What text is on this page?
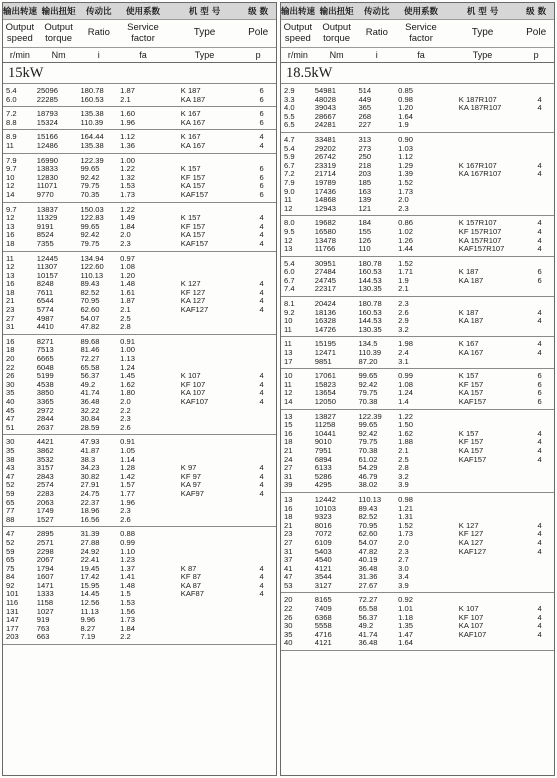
输出转速 输出扭矩	传动比	使用系数	机 型 号	级 数
Output speed
Output torque	Ratio	Service factor	Type	Pole
r/min	Nm	i	fa	Type	p
15kW
5.4	25096	180.78	1.87	K 187	6
6.0	22285	160.53	2.1	KA 187	6
7.2	18793	135.38	1.60	K 167	6
8.8	15324	110.39	1.96	KA 167	6
8.9	15166	164.44	1.12	K 167	4
11	12486	135.38	1.36	KA 167	4
7.9	16990	122.39	1.00
9.7	13833	99.65	1.22	K 157	6
10	12830	92.42	1.32	KF 157	6
12	11071	79.75	1.53	KA 157	6
14	9770	70.35	1.73	KAF157	6
9.7	13837	150.03	1.22
12	11329	122.83	1.49	K 157	4
13	9191	99.65	1.84	KF 157	4
16	8524	92.42	2.0	KA 157	4
18	7355	79.75	2.3	KAF157	4
11	12445	134.94	0.97
12	11307	122.60	1.08
13	10157	110.13	1.20
16	8248	89.43	1.48	K 127	4
18	7611	82.52	1.61	KF 127	4
21	6544	70.95	1.87	KA 127	4
23	5774	62.60	2.1	KAF127	4
27	4987	54.07	2.5
31	4410	47.82	2.8
16	8271	89.68	0.91
18	7513	81.46	1.00
20	6665	72.27	1.13
22	6048	65.58	1.24
26	5199	56.37	1.45	K 107	4
30	4538	49.2	1.62	KF 107	4
35	3850	41.74	1.80	KA 107	4
40	3365	36.48	2.0	KAF107	4
45	2972	32.22	2.2
47	2844	30.84	2.3
51	2637	28.59	2.6
30	4421	47.93	0.91
35	3862	41.87	1.05
38	3532	38.3	1.14
43	3157	34.23	1.28	K 97	4
47	2843	30.82	1.42	KF 97	4
52	2574	27.91	1.57	KA 97	4
59	2283	24.75	1.77	KAF97	4
65	2063	22.37	1.96
77	1749	18.96	2.3
88	1527	16.56	2.6
47	2895	31.39	0.88
52	2571	27.88	0.99
59	2298	24.92	1.10
65	2067	22.41	1.23
75	1794	19.45	1.37	K 87	4
84	1607	17.42	1.41	KF 87	4
92	1471	15.95	1.48	KA 87	4
101	1333	14.45	1.5	KAF87	4
116	1158	12.56	1.53
131	1027	11.13	1.56
147	919	9.96	1.73
177	763	8.27	1.84
203	663	7.19	2.2
输出转速 输出扭矩	传动比	使用系数	机 型 号	级 数
Output speed
Output torque	Ratio	Service factor	Type	Pole
r/min	Nm	i	fa	Type	p
18.5kW
2.9	54981	514	0.85
3.3	48028	449	0.98	K 187R107	4
4.0	39043	365	1.20	KA 187R107	4
5.5	28667	268	1.64
6.5	24281	227	1.9
4.7	33481	313	0.90
5.4	29202	273	1.03
5.9	26742	250	1.12
6.7	23319	218	1.29	K 167R107	4
7.2	21714	203	1.39	KA 167R107	4
7.9	19789	185	1.52
9.0	17436	163	1.73
11	14868	139	2.0
12	12943	121	2.3
8.0	19682	184	0.86	K 157R107	4
9.5	16580	155	1.02	KF 157R107	4
12	13478	126	1.26	KA 157R107	4
13	11766	110	1.44	KAF157R107	4
5.4	30951	180.78	1.52
6.0	27484	160.53	1.71	K 187	6
6.7	24745	144.53	1.9	KA 187	6
7.4	22317	130.35	2.1
8.1	20424	180.78	2.3
9.2	18136	160.53	2.6	K 187	4
10	16328	144.53	2.9	KA 187	4
11	14726	130.35	3.2
11	15195	134.5	1.98	K 167	4
13	12471	110.39	2.4	KA 167	4
17	9851	87.20	3.1
10	17061	99.65	0.99	K 157	6
11	15823	92.42	1.08	KF 157	6
12	13654	79.75	1.24	KA 157	6
14	12050	70.38	1.4	KAF157	6
13	13827	122.39	1.22
15	11258	99.65	1.50
16	10441	92.42	1.62	K 157	4
18	9010	79.75	1.88	KF 157	4
21	7951	70.38	2.1	KA 157	4
24	6894	61.02	2.5	KAF157	4
27	6133	54.29	2.8
31	5286	46.79	3.2
39	4295	38.02	3.9
13	12442	110.13	0.98
16	10103	89.43	1.21
18	9323	82.52	1.31
21	8016	70.95	1.52	K 127	4
23	7072	62.60	1.73	KF 127	4
27	6109	54.07	2.0	KA 127	4
31	5403	47.82	2.3	KAF127	4
37	4540	40.19	2.7
41	4121	36.48	3.0
47	3544	31.36	3.4
53	3127	27.67	3.9
20	8165	72.27	0.92
22	7409	65.58	1.01	K 107	4
26	6368	56.37	1.18	KF 107	4
30	5558	49.2	1.35	KA 107	4
35	4716	41.74	1.47	KAF107	4
40	4121	36.48	1.64
